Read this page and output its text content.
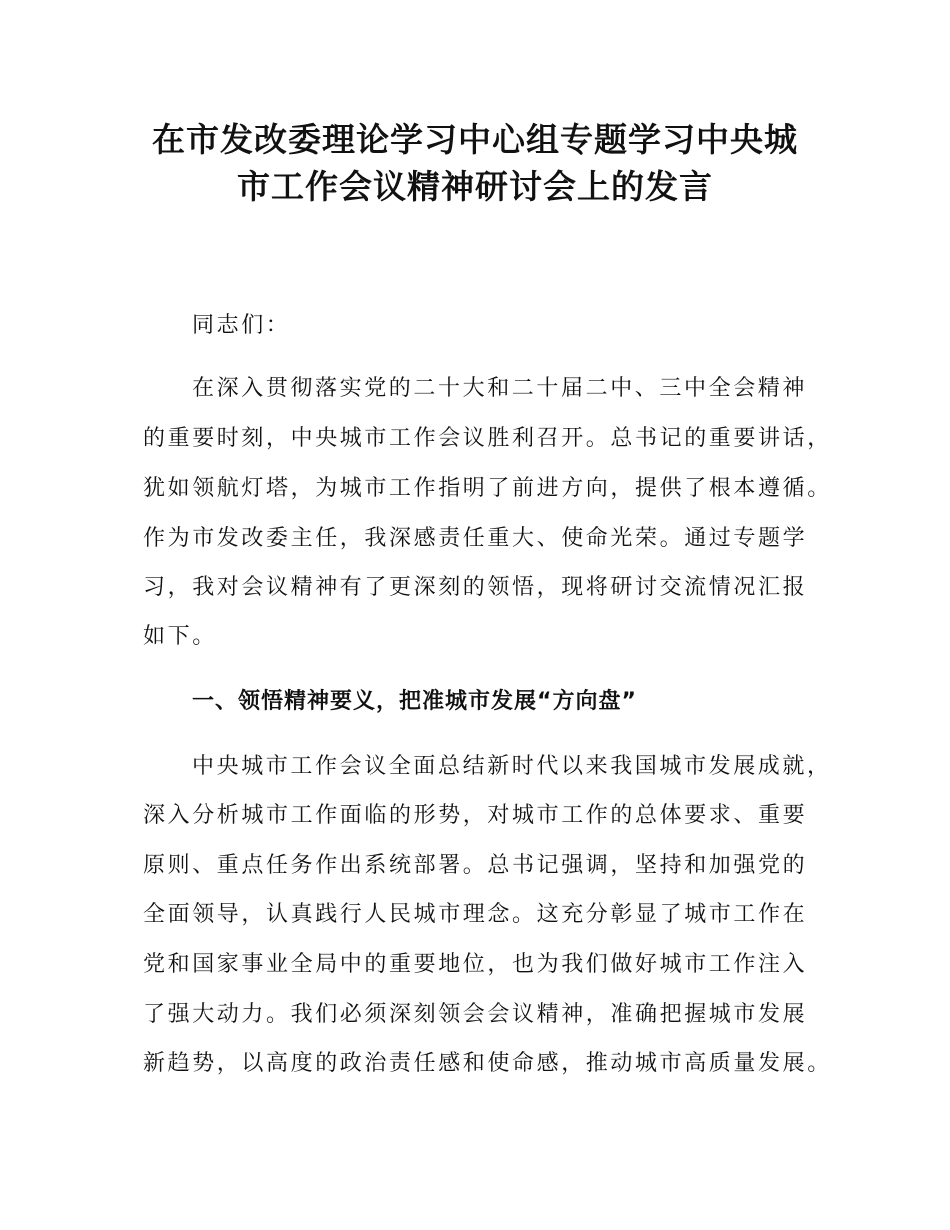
在市发改委理论学习中心组专题学习中央城
市工作会议精神研讨会上的发言

同志们：

在深入贯彻落实党的二十大和二十届二中、三中全会精神

的重要时刻，中央城市工作会议胜利召开。总书记的重要讲话，

犹如领航灯塔，为城市工作指明了前进方向，提供了根本遵循。

作为市发改委主任，我深感责任重大、使命光荣。通过专题学

习，我对会议精神有了更深刻的领悟，现将研讨交流情况汇报

如下。

一、领悟精神要义，把准城市发展“方向盘”

中央城市工作会议全面总结新时代以来我国城市发展成就，

深入分析城市工作面临的形势，对城市工作的总体要求、重要

原则、重点任务作出系统部署。总书记强调，坚持和加强党的

全面领导，认真践行人民城市理念。这充分彰显了城市工作在

党和国家事业全局中的重要地位，也为我们做好城市工作注入

了强大动力。我们必须深刻领会会议精神，准确把握城市发展

新趋势，以高度的政治责任感和使命感，推动城市高质量发展。
